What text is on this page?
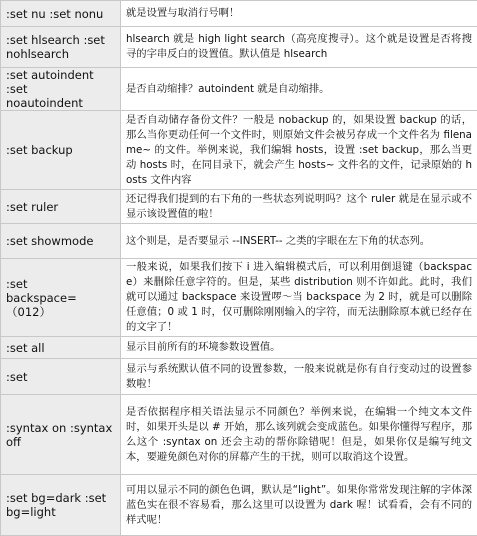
:set nu :set nonu	就是设置与取消行号啊！
:set hlsearch :set
nohlsearch	hlsearch 就是 high light search（高亮度搜寻）。这个就是设置是否将搜寻的字串反白的设置值。默认值是 hlsearch
:set autoindent :set
noautoindent	是否自动缩排？autoindent 就是自动缩排。
:set backup	是否自动储存备份文件？一般是 nobackup 的，如果设置 backup 的话，那么当你更动任何一个文件时，则原始文件会被另存成一个文件名为 filename~ 的文件。举例来说，我们编辑 hosts，设置 :set backup，那么当更动 hosts 时，在同目录下，就会产生 hosts~ 文件名的文件，记录原始的 hosts 文件内容
:set ruler	还记得我们提到的右下角的一些状态列说明吗？这个 ruler 就是在显示或不显示该设置值的啦！
:set showmode	这个则是，是否要显示 --INSERT-- 之类的字眼在左下角的状态列。
:set
backspace=（012）	一般来说，如果我们按下 i 进入编辑模式后，可以利用倒退键（backspace）来删除任意字符的。但是，某些 distribution 则不许如此。此时，我们就可以通过 backspace 来设置啰～当 backspace 为 2 时，就是可以删除任意值；0 或 1 时，仅可删除刚刚输入的字符，而无法删除原本就已经存在的文字了！
:set all	显示目前所有的环境参数设置值。
:set	显示与系统默认值不同的设置参数，一般来说就是你有自行变动过的设置参数啦！
:syntax on :syntax
off	是否依据程序相关语法显示不同颜色？举例来说，在编辑一个纯文本文件时，如果开头是以 # 开始，那么该列就会变成蓝色。如果你懂得写程序，那么这个 :syntax on 还会主动的帮你除错呢！但是，如果你仅是编写纯文本，要避免颜色对你的屏幕产生的干扰，则可以取消这个设置。
:set bg=dark :set
bg=light	可用以显示不同的颜色色调，默认是“light”。如果你常常发现注解的字体深蓝色实在很不容易看，那么这里可以设置为 dark 喔！试看看，会有不同的样式呢！
